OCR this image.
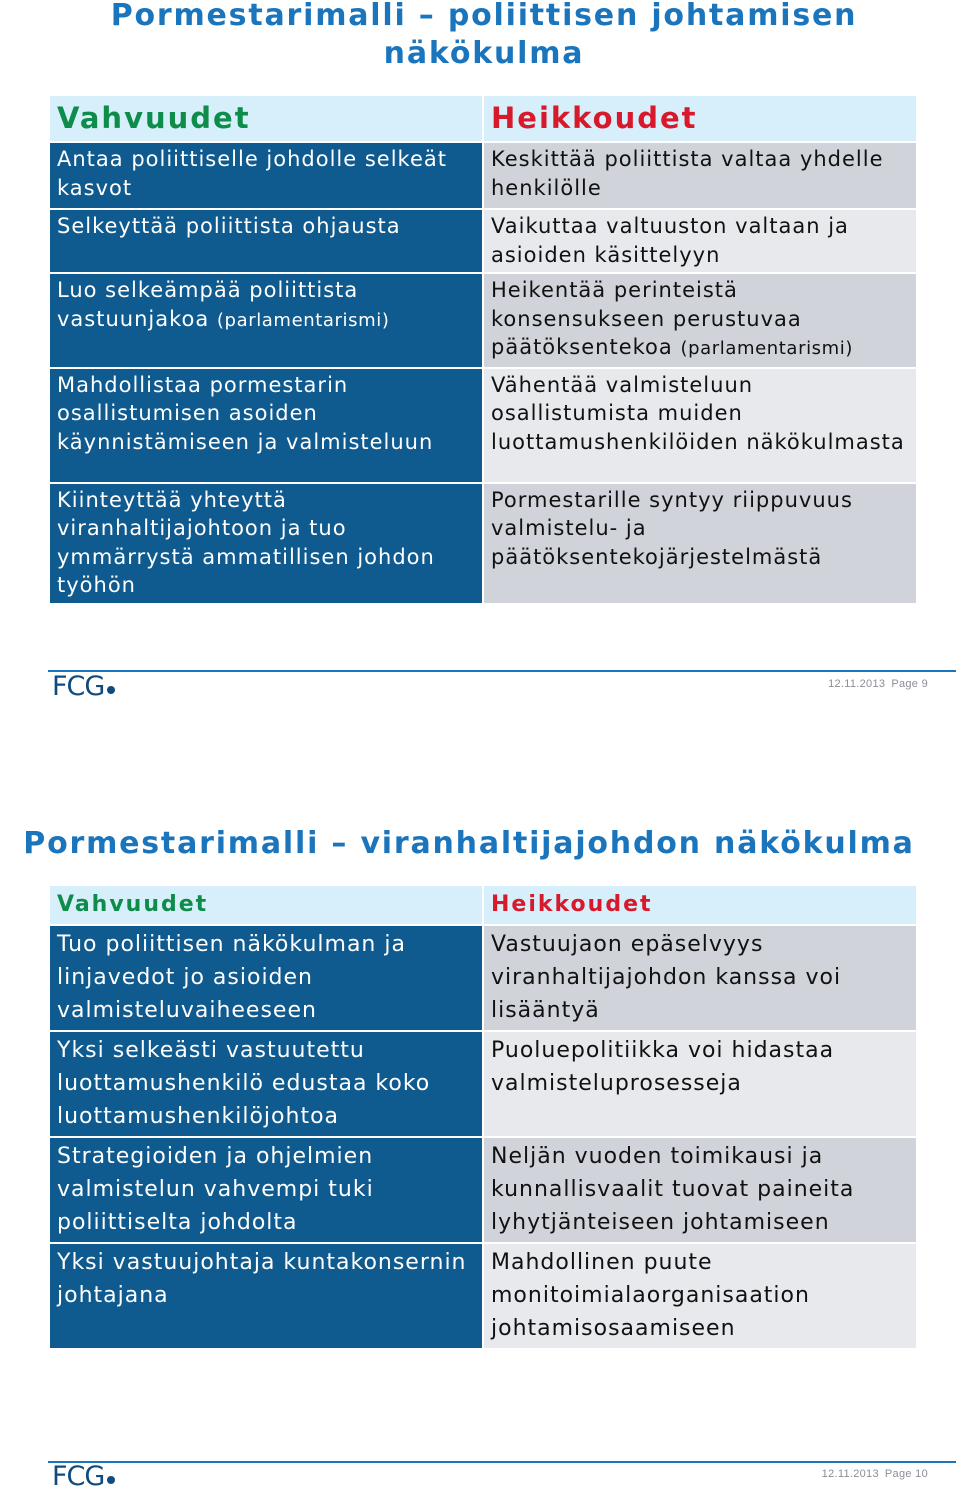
Pormestarimalli – poliittisen johtamisen näkökulma
Vahvuudet	Heikkoudet
Antaa poliittiselle johdolle selkeät kasvot	Keskittää poliittista valtaa yhdelle henkilölle
Selkeyttää poliittista ohjausta	Vaikuttaa valtuuston valtaan ja asioiden käsittelyyn
Luo selkeämpää poliittista vastuunjakoa (parlamentarismi)	Heikentää perinteistä konsensukseen perustuvaa päätöksentekoa (parlamentarismi)
Mahdollistaa pormestarin osallistumisen asoiden käynnistämiseen ja valmisteluun	Vähentää valmisteluun osallistumista muiden luottamushenkilöiden näkökulmasta
Kiinteyttää yhteyttä viranhaltijajohtoon ja tuo ymmärrystä ammatillisen johdon työhön	Pormestarille syntyy riippuvuus valmistelu- ja päätöksentekojärjestelmästä
FCG	12.11.2013 Page 9
Pormestarimalli – viranhaltijajohdon näkökulma
Vahvuudet	Heikkoudet
Tuo poliittisen näkökulman ja linjavedot jo asioiden valmisteluvaiheeseen	Vastuujaon epäselvyys viranhaltijajohdon kanssa voi lisääntyä
Yksi selkeästi vastuutettu luottamushenkilö edustaa koko luottamushenkilöjohtoa	Puoluepolitiikka voi hidastaa valmisteluprosesseja
Strategioiden ja ohjelmien valmistelun vahvempi tuki poliittiselta johdolta	Neljän vuoden toimikausi ja kunnallisvaalit tuovat paineita lyhytjänteiseen johtamiseen
Yksi vastuujohtaja kuntakonsernin johtajana	Mahdollinen puute monitoimialaorganisaation johtamisosaamiseen
FCG	12.11.2013 Page 10
